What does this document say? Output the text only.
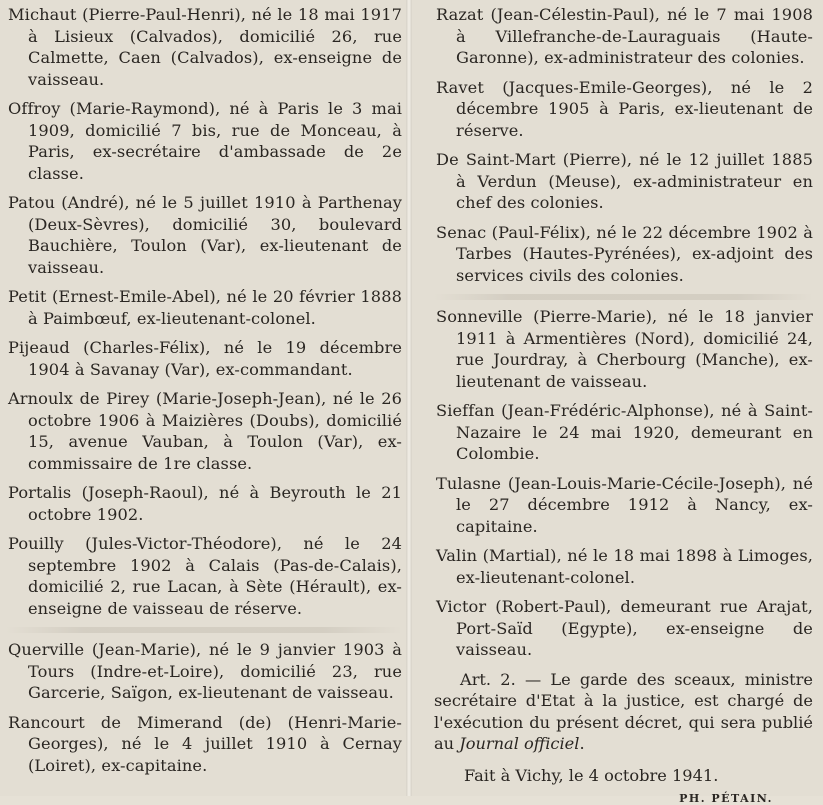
Michaut (Pierre-Paul-Henri), né le 18 mai 1917 à Lisieux (Calvados), domicilié 26, rue Calmette, Caen (Calvados), ex-enseigne de vaisseau.

Offroy (Marie-Raymond), né à Paris le 3 mai 1909, domicilié 7 bis, rue de Monceau, à Paris, ex-secrétaire d'ambassade de 2e classe.

Patou (André), né le 5 juillet 1910 à Parthenay (Deux-Sèvres), domicilié 30, boulevard Bauchière, Toulon (Var), ex-lieutenant de vaisseau.

Petit (Ernest-Emile-Abel), né le 20 février 1888 à Paimbœuf, ex-lieutenant-colonel.

Pijeaud (Charles-Félix), né le 19 décembre 1904 à Savanay (Var), ex-commandant.

Arnoulx de Pirey (Marie-Joseph-Jean), né le 26 octobre 1906 à Maizières (Doubs), domicilié 15, avenue Vauban, à Toulon (Var), ex-commissaire de 1re classe.

Portalis (Joseph-Raoul), né à Beyrouth le 21 octobre 1902.

Pouilly (Jules-Victor-Théodore), né le 24 septembre 1902 à Calais (Pas-de-Calais), domicilié 2, rue Lacan, à Sète (Hérault), ex-enseigne de vaisseau de réserve.

Querville (Jean-Marie), né le 9 janvier 1903 à Tours (Indre-et-Loire), domicilié 23, rue Garcerie, Saïgon, ex-lieutenant de vaisseau.

Rancourt de Mimerand (de) (Henri-Marie-Georges), né le 4 juillet 1910 à Cernay (Loiret), ex-capitaine.

Razat (Jean-Célestin-Paul), né le 7 mai 1908 à Villefranche-de-Lauraguais (Haute-Garonne), ex-administrateur des colonies.

Ravet (Jacques-Emile-Georges), né le 2 décembre 1905 à Paris, ex-lieutenant de réserve.

De Saint-Mart (Pierre), né le 12 juillet 1885 à Verdun (Meuse), ex-administrateur en chef des colonies.

Senac (Paul-Félix), né le 22 décembre 1902 à Tarbes (Hautes-Pyrénées), ex-adjoint des services civils des colonies.

Sonneville (Pierre-Marie), né le 18 janvier 1911 à Armentières (Nord), domicilié 24, rue Jourdray, à Cherbourg (Manche), ex-lieutenant de vaisseau.

Sieffan (Jean-Frédéric-Alphonse), né à Saint-Nazaire le 24 mai 1920, demeurant en Colombie.

Tulasne (Jean-Louis-Marie-Cécile-Joseph), né le 27 décembre 1912 à Nancy, ex-capitaine.

Valin (Martial), né le 18 mai 1898 à Limoges, ex-lieutenant-colonel.

Victor (Robert-Paul), demeurant rue Arajat, Port-Saïd (Egypte), ex-enseigne de vaisseau.

Art. 2. — Le garde des sceaux, ministre secrétaire d'Etat à la justice, est chargé de l'exécution du présent décret, qui sera publié au Journal officiel.

Fait à Vichy, le 4 octobre 1941.

PH. PÉTAIN.
